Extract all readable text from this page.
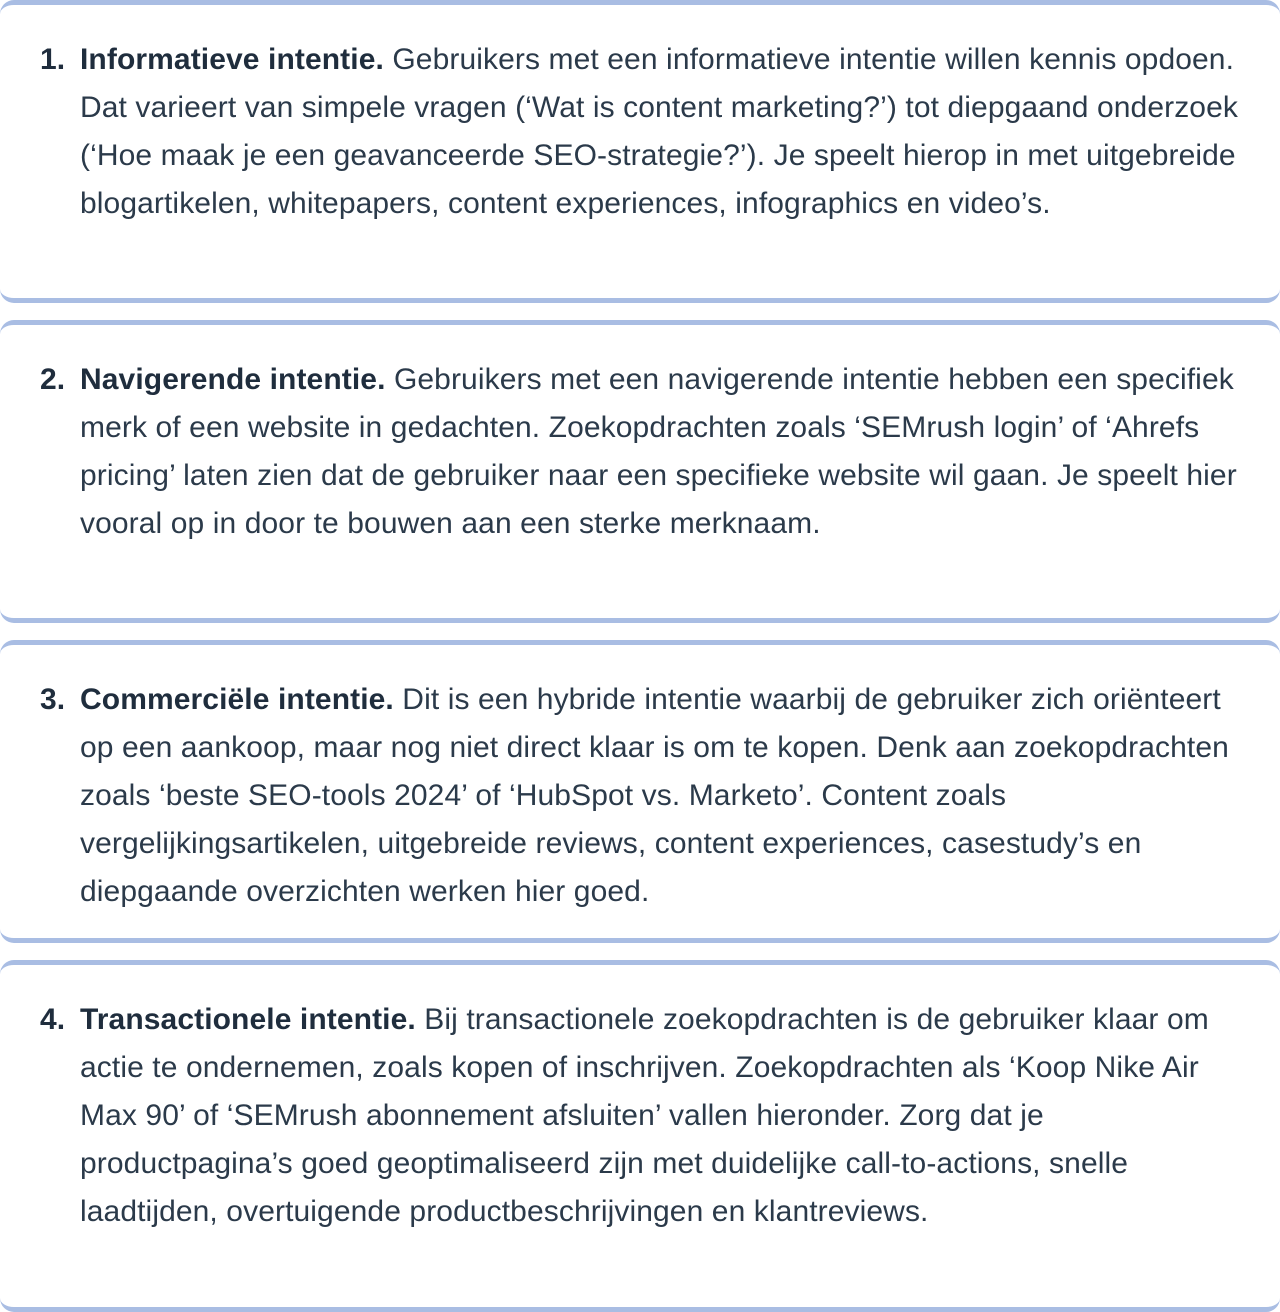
1. Informatieve intentie. Gebruikers met een informatieve intentie willen kennis opdoen. Dat varieert van simpele vragen (‘Wat is content marketing?’) tot diepgaand onderzoek (‘Hoe maak je een geavanceerde SEO-strategie?’). Je speelt hierop in met uitgebreide blogartikelen, whitepapers, content experiences, infographics en video’s.
2. Navigerende intentie. Gebruikers met een navigerende intentie hebben een specifiek merk of een website in gedachten. Zoekopdrachten zoals ‘SEMrush login’ of ‘Ahrefs pricing’ laten zien dat de gebruiker naar een specifieke website wil gaan. Je speelt hier vooral op in door te bouwen aan een sterke merknaam.
3. Commerciële intentie. Dit is een hybride intentie waarbij de gebruiker zich oriënteert op een aankoop, maar nog niet direct klaar is om te kopen. Denk aan zoekopdrachten zoals ‘beste SEO-tools 2024’ of ‘HubSpot vs. Marketo’. Content zoals vergelijkingsartikelen, uitgebreide reviews, content experiences, casestudy’s en diepgaande overzichten werken hier goed.
4. Transactionele intentie. Bij transactionele zoekopdrachten is de gebruiker klaar om actie te ondernemen, zoals kopen of inschrijven. Zoekopdrachten als ‘Koop Nike Air Max 90’ of ‘SEMrush abonnement afsluiten’ vallen hieronder. Zorg dat je productpagina’s goed geoptimaliseerd zijn met duidelijke call-to-actions, snelle laadtijden, overtuigende productbeschrijvingen en klantreviews.
